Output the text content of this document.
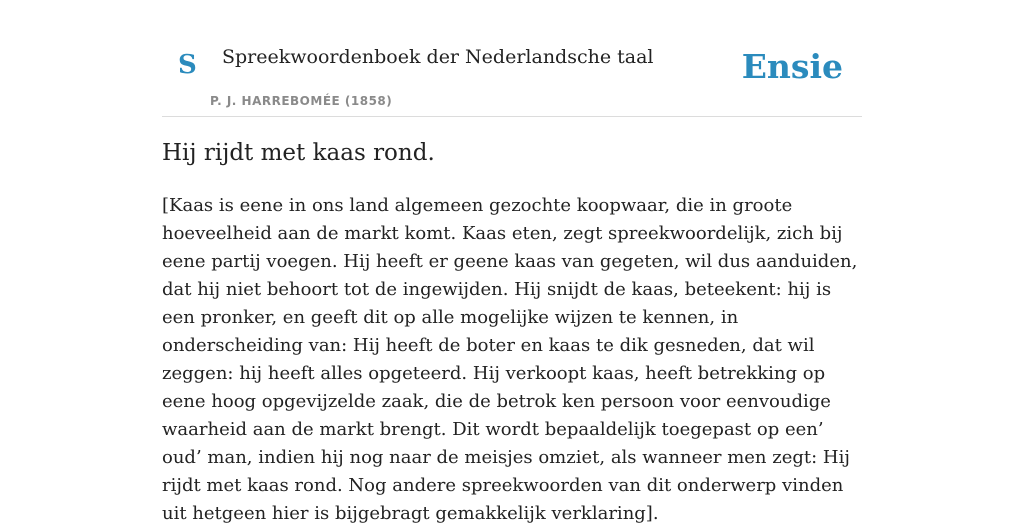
S Spreekwoordenboek der Nederlandsche taal
P. J. HARREBOMÉE (1858)
Ensie
Hij rijdt met kaas rond.

[Kaas is eene in ons land algemeen gezochte koopwaar, die in groote hoeveelheid aan de markt komt. Kaas eten, zegt spreekwoordelijk, zich bij eene partij voegen. Hij heeft er geene kaas van gegeten, wil dus aanduiden, dat hij niet behoort tot de ingewijden. Hij snijdt de kaas, beteekent: hij is een pronker, en geeft dit op alle mogelijke wijzen te kennen, in onderscheiding van: Hij heeft de boter en kaas te dik gesneden, dat wil zeggen: hij heeft alles opgeteerd. Hij verkoopt kaas, heeft betrekking op eene hoog opgevijzelde zaak, die de betrok ken persoon voor eenvoudige waarheid aan de markt brengt. Dit wordt bepaaldelijk toegepast op een’ oud’ man, indien hij nog naar de meisjes omziet, als wanneer men zegt: Hij rijdt met kaas rond. Nog andere spreekwoorden van dit onderwerp vinden uit hetgeen hier is bijgebragt gemakkelijk verklaring].
